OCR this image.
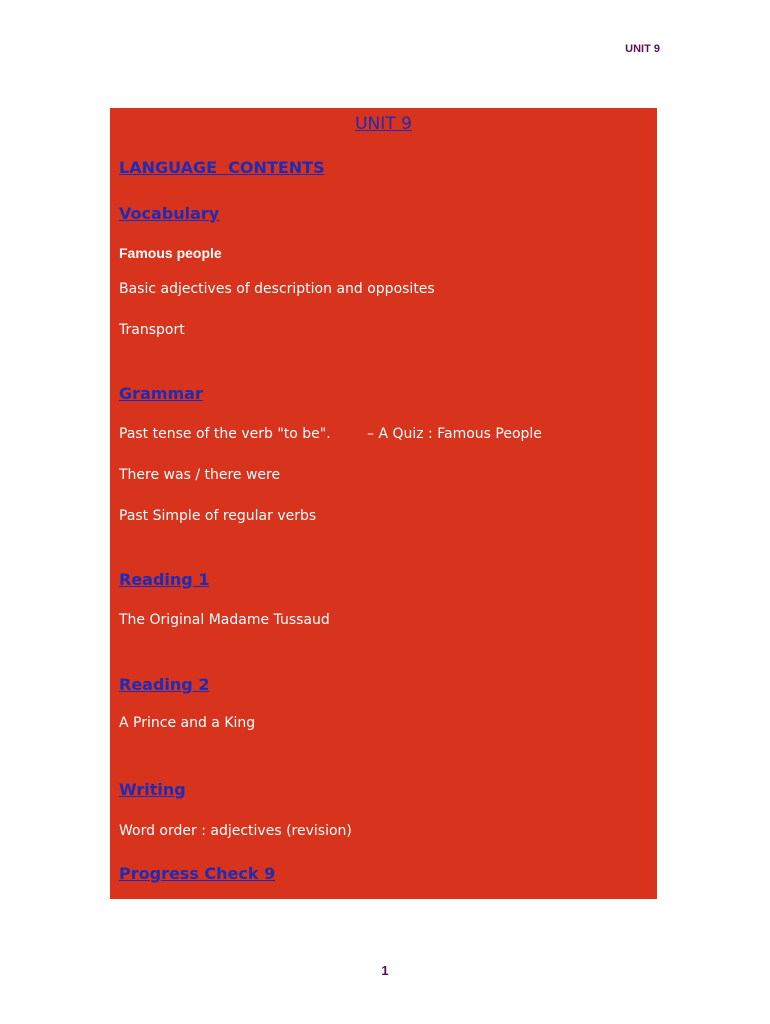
UNIT 9
UNIT 9
LANGUAGE  CONTENTS
Vocabulary
Famous people
Basic adjectives of description and opposites
Transport
Grammar
Past tense of the verb "to be".	– A Quiz : Famous People
There was / there were
Past Simple of regular verbs
Reading 1
The Original Madame Tussaud
Reading 2
A Prince and a King
Writing
Word order : adjectives (revision)
Progress Check 9
1
